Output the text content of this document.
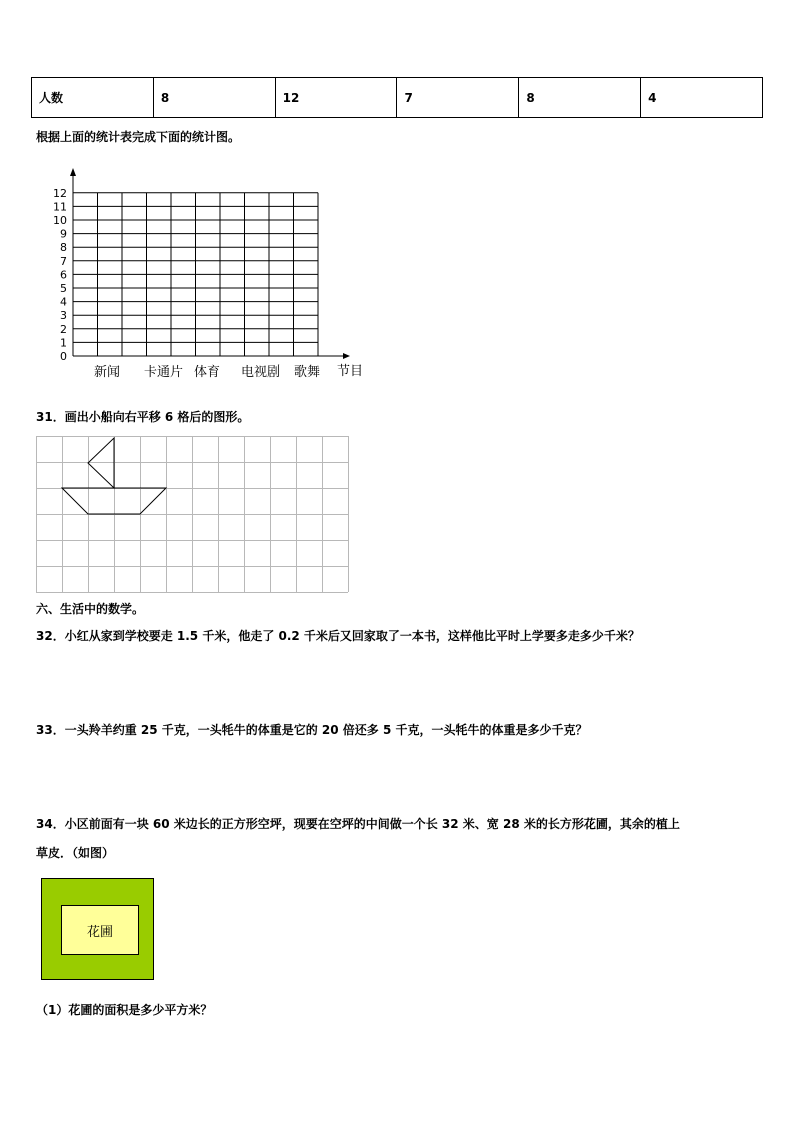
人数	8	12	7	8	4
根据上面的统计表完成下面的统计图。
0
1
2
3
4
5
6
7
8
9
10
11
12
新闻 卡通片 体育 电视剧 歌舞 节目
31．画出小船向右平移 6 格后的图形。
六、生活中的数学。
32．小红从家到学校要走 1.5 千米，他走了 0.2 千米后又回家取了一本书，这样他比平时上学要多走多少千米？
33．一头羚羊约重 25 千克，一头牦牛的体重是它的 20 倍还多 5 千克，一头牦牛的体重是多少千克？
34．小区前面有一块 60 米边长的正方形空坪，现要在空坪的中间做一个长 32 米、宽 28 米的长方形花圃，其余的植上
草皮．（如图）
花圃
（1）花圃的面积是多少平方米？
